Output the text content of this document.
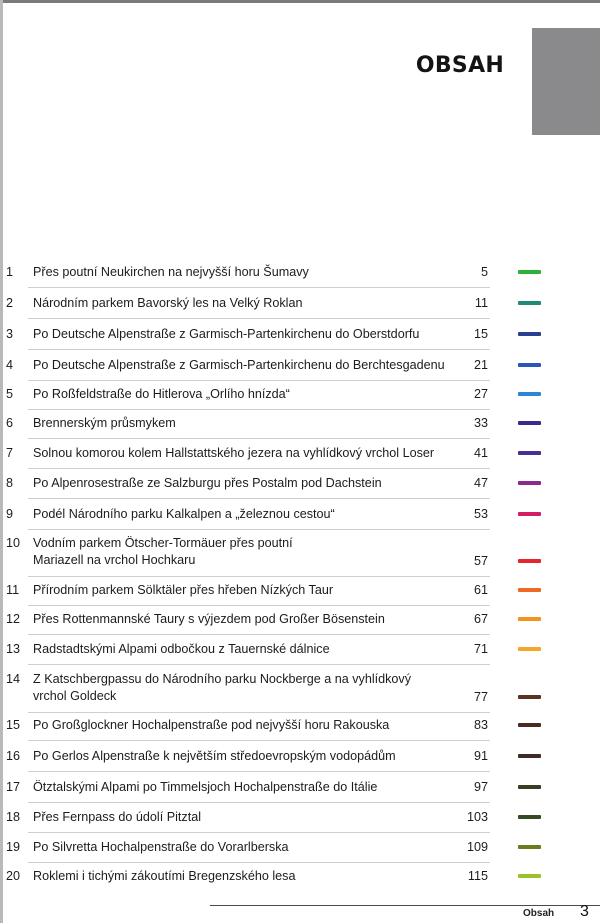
OBSAH
1 Přes poutní Neukirchen na nejvyšší horu Šumavy	5
2 Národním parkem Bavorský les na Velký Roklan	11
3 Po Deutsche Alpenstraße z Garmisch-Partenkirchenu do Oberstdorfu	15
4 Po Deutsche Alpenstraße z Garmisch-Partenkirchenu do Berchtesgadenu	21
5 Po Roßfeldstraße do Hitlerova „Orlího hnízda“	27
6 Brennerským průsmykem	33
7 Solnou komorou kolem Hallstattského jezera na vyhlídkový vrchol Loser	41
8 Po Alpenrosestraße ze Salzburgu přes Postalm pod Dachstein	47
9 Podél Národního parku Kalkalpen a „železnou cestou“	53
10 Vodním parkem Ötscher-Tormäuer přes poutní
Mariazell na vrchol Hochkaru	57
11 Přírodním parkem Sölktäler přes hřeben Nízkých Taur	61
12 Přes Rottenmannské Taury s výjezdem pod Großer Bösenstein	67
13 Radstadtskými Alpami odbočkou z Tauernské dálnice	71
14 Z Katschbergpassu do Národního parku Nockberge a na vyhlídkový
vrchol Goldeck	77
15 Po Großglockner Hochalpenstraße pod nejvyšší horu Rakouska	83
16 Po Gerlos Alpenstraße k největším středoevropským vodopádům	91
17 Ötztalskými Alpami po Timmelsjoch Hochalpenstraße do Itálie	97
18 Přes Fernpass do údolí Pitztal	103
19 Po Silvretta Hochalpenstraße do Vorarlberska	109
20 Roklemi i tichými zákoutími Bregenzského lesa	115
Obsah 3
